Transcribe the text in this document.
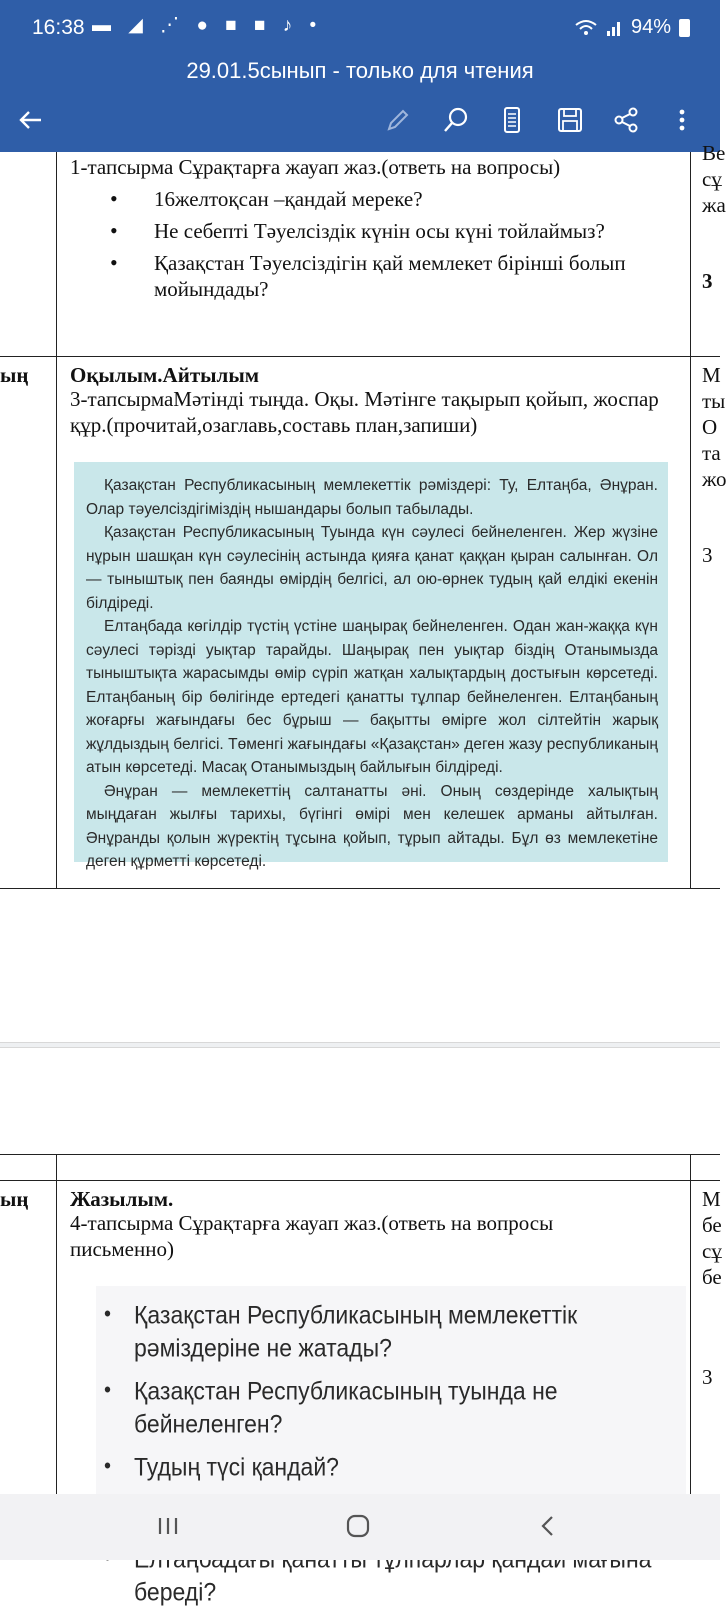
16:38 ▬ ◢ ⋰ ● ■ ■ ♪ •	94%
29.01.5сынып - только для чтения
1-тапсырма Сұрақтарға жауап жаз.(ответь на вопросы)
• 16желтоқсан –қандай мереке?
• Не себепті Тәуелсіздік күнін осы күні тойлаймыз?
• Қазақстан Тәуелсіздігін қай мемлекет бірінші болып мойындады?
Ве
сұ
жа
3
ың Оқылым.Айтылым
3-тапсырмаМәтінді тыңда. Оқы. Мәтінге тақырып қойып, жоспар құр.(прочитай,озаглавь,составь план,запиши)

Қазақстан Республикасының мемлекеттік рәміздері: Ту, Елтаңба, Әнұран. Олар тәуелсіздігіміздің нышандары болып табылады.

Қазақстан Республикасының Туында күн сәулесі бейнеленген. Жер жүзіне нұрын шашқан күн сәулесінің астында қияға қанат қаққан қыран салынған. Ол — тыныштық пен баянды өмірдің белгісі, ал ою-өрнек тудың қай елдікі екенін білдіреді.

Елтаңбада көгілдір түстің үстіне шаңырақ бейнеленген. Одан жан-жаққа күн сәулесі тәрізді уықтар тарайды. Шаңырақ пен уықтар біздің Отанымызда тыныштықта жарасымды өмір сүріп жатқан халықтардың достығын көрсетеді. Елтаңбаның бір бөлігінде ертедегі қанатты тұлпар бейнеленген. Елтаңбаның жоғарғы жағындағы бес бұрыш — бақытты өмірге жол сілтейтін жарық жұлдыздың белгісі. Төменгі жағындағы «Қазақстан» деген жазу республиканың атын көрсетеді. Масақ Отанымыздың байлығын білдіреді.

Әнұран — мемлекеттің салтанатты әні. Оның сөздерінде халықтың мыңдаған жылғы тарихы, бүгінгі өмірі мен келешек арманы айтылған. Әнұранды қолын жүректің тұсына қойып, тұрып айтады. Бұл өз мемлекетіне деген құрметті көрсетеді.

М
ты
О
та
жо
3
ың Жазылым.
4-тапсырма Сұрақтарға жауап жаз.(ответь на вопросы письменно)
• Қазақстан Республикасының мемлекеттік рәміздеріне не жатады?
• Қазақстан Республикасының туында не бейнеленген?
• Тудың түсі қандай?
•
• береді?
М
бе
сұ
бе
3
